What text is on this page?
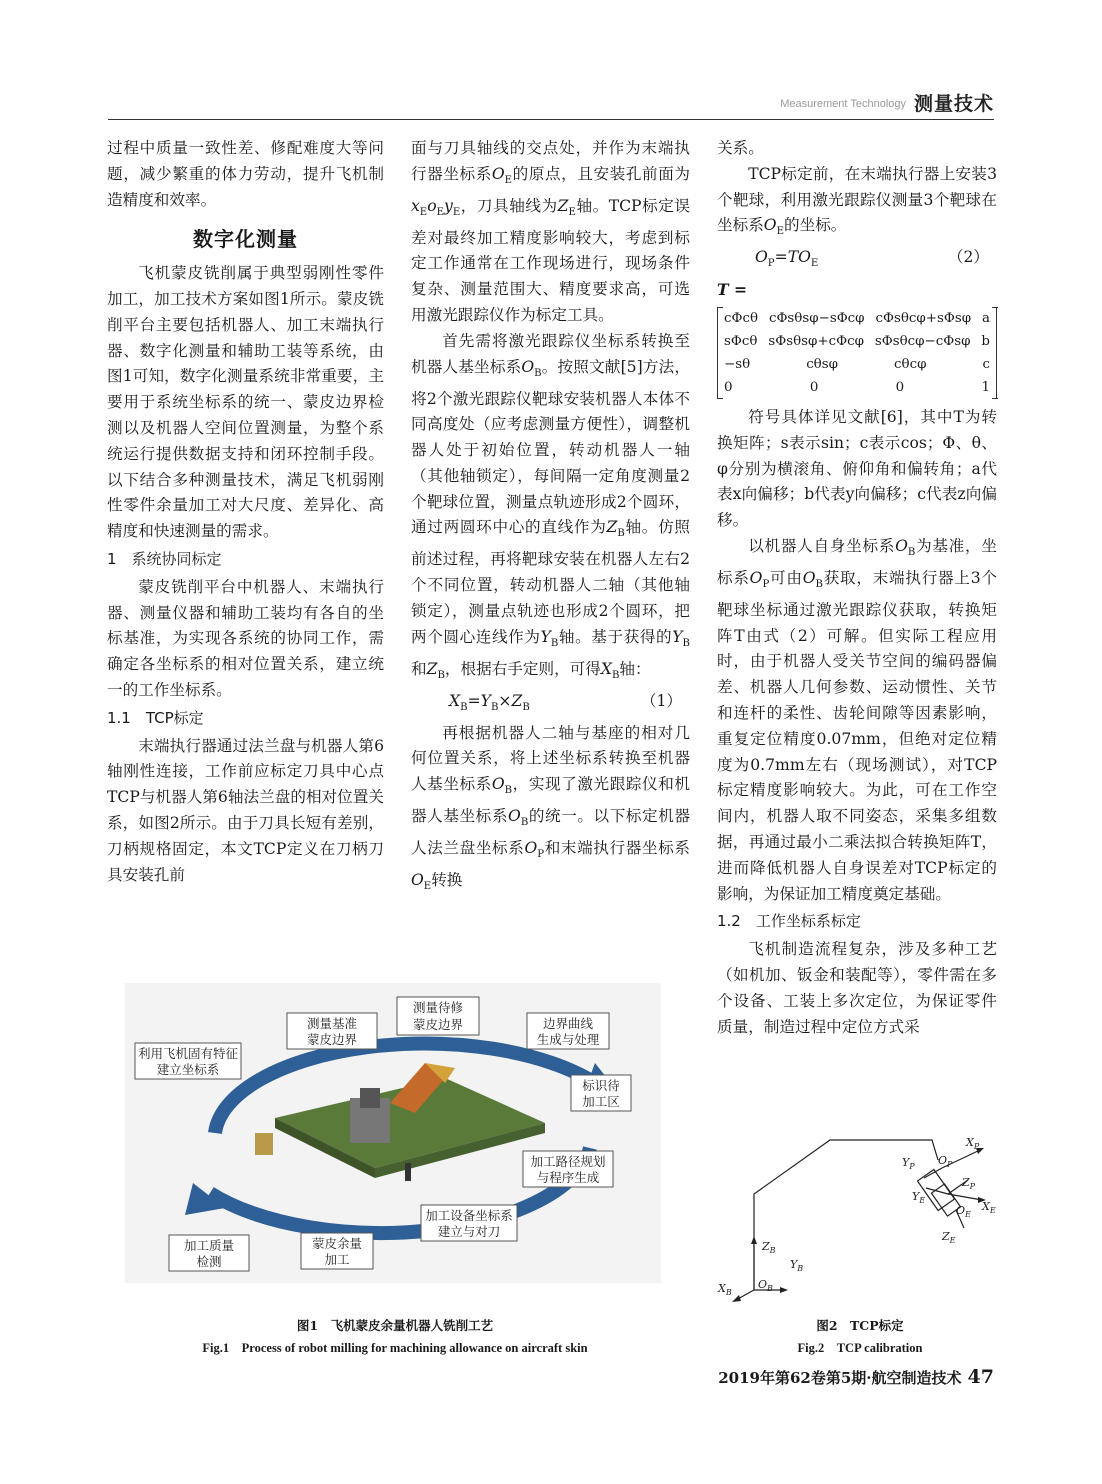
Measurement Technology 测量技术

过程中质量一致性差、修配难度大等问题，减少繁重的体力劳动，提升飞机制造精度和效率。

数字化测量

飞机蒙皮铣削属于典型弱刚性零件加工，加工技术方案如图1所示。蒙皮铣削平台主要包括机器人、加工末端执行器、数字化测量和辅助工装等系统，由图1可知，数字化测量系统非常重要，主要用于系统坐标系的统一、蒙皮边界检测以及机器人空间位置测量，为整个系统运行提供数据支持和闭环控制手段。以下结合多种测量技术，满足飞机弱刚性零件余量加工对大尺度、差异化、高精度和快速测量的需求。

1　系统协同标定

蒙皮铣削平台中机器人、末端执行器、测量仪器和辅助工装均有各自的坐标基准，为实现各系统的协同工作，需确定各坐标系的相对位置关系，建立统一的工作坐标系。

1.1　TCP标定

末端执行器通过法兰盘与机器人第6轴刚性连接，工作前应标定刀具中心点TCP与机器人第6轴法兰盘的相对位置关系，如图2所示。由于刀具长短有差别，刀柄规格固定，本文TCP定义在刀柄刀具安装孔前

面与刀具轴线的交点处，并作为末端执行器坐标系$O_E$的原点，且安装孔前面为$x_Eo_Ey_E$，刀具轴线为$Z_E$轴。TCP标定误差对最终加工精度影响较大，考虑到标定工作通常在工作现场进行，现场条件复杂、测量范围大、精度要求高，可选用激光跟踪仪作为标定工具。

首先需将激光跟踪仪坐标系转换至机器人基坐标系$O_B$。按照文献[5]方法，将2个激光跟踪仪靶球安装机器人本体不同高度处（应考虑测量方便性），调整机器人处于初始位置，转动机器人一轴（其他轴锁定），每间隔一定角度测量2个靶球位置，测量点轨迹形成2个圆环，通过两圆环中心的直线作为$Z_B$轴。仿照前述过程，再将靶球安装在机器人左右2个不同位置，转动机器人二轴（其他轴锁定），测量点轨迹也形成2个圆环，把两个圆心连线作为$Y_B$轴。基于获得的$Y_B$和$Z_B$，根据右手定则，可得$X_B$轴：

$X_B=Y_B\times Z_B$	（1）

再根据机器人二轴与基座的相对几何位置关系，将上述坐标系转换至机器人基坐标系$O_B$，实现了激光跟踪仪和机器人基坐标系$O_B$的统一。以下标定机器人法兰盘坐标系$O_P$和末端执行器坐标系$O_E$转换

关系。

TCP标定前，在末端执行器上安装3个靶球，利用激光跟踪仪测量3个靶球在坐标系$O_E$的坐标。

$O_P=TO_E$	（2）
T =
cΦcθ cΦsθsφ−sΦcφ cΦsθcφ+sΦsφ a
sΦcθ sΦsθsφ+cΦcφ sΦsθcφ−cΦsφ b
−sθ	cθsφ	cθcφ	c
0	0	0	1

符号具体详见文献[6]，其中T为转换矩阵；s表示sin；c表示cos；Φ、θ、φ分别为横滚角、俯仰角和偏转角；a代表x向偏移；b代表y向偏移；c代表z向偏移。

以机器人自身坐标系$O_B$为基准，坐标系$O_P$可由$O_B$获取，末端执行器上3个靶球坐标通过激光跟踪仪获取，转换矩阵T由式（2）可解。但实际工程应用时，由于机器人受关节空间的编码器偏差、机器人几何参数、运动惯性、关节和连杆的柔性、齿轮间隙等因素影响，重复定位精度0.07mm，但绝对定位精度为0.7mm左右（现场测试），对TCP标定精度影响较大。为此，可在工作空间内，机器人取不同姿态，采集多组数据，再通过最小二乘法拟合转换矩阵T，进而降低机器人自身误差对TCP标定的影响，为保证加工精度奠定基础。

1.2　工作坐标系标定

飞机制造流程复杂，涉及多种工艺（如机加、钣金和装配等），零件需在多个设备、工装上多次定位，为保证零件质量，制造过程中定位方式采

测量基准
蒙皮边界
测量待修
蒙皮边界	边界曲线
生成与处理
利用飞机固有特征
建立坐标系
标识待
加工区
加工路径规划
与程序生成
加工设备坐标系
建立与对刀
蒙皮余量
加工
加工质量
检测
$X_P$
$Y_P$ $O_P$
$Z_P$
$Y_E$
$O_E$
$X_E$
$Z_E$
$Z_B$
$Y_B$
$X_B$
$O_B$
图1　飞机蒙皮余量机器人铣削工艺
Fig.1　Process of robot milling for machining allowance on aircraft skin
图2　TCP标定
Fig.2　TCP calibration
2019年第62卷第5期·航空制造技术 47
